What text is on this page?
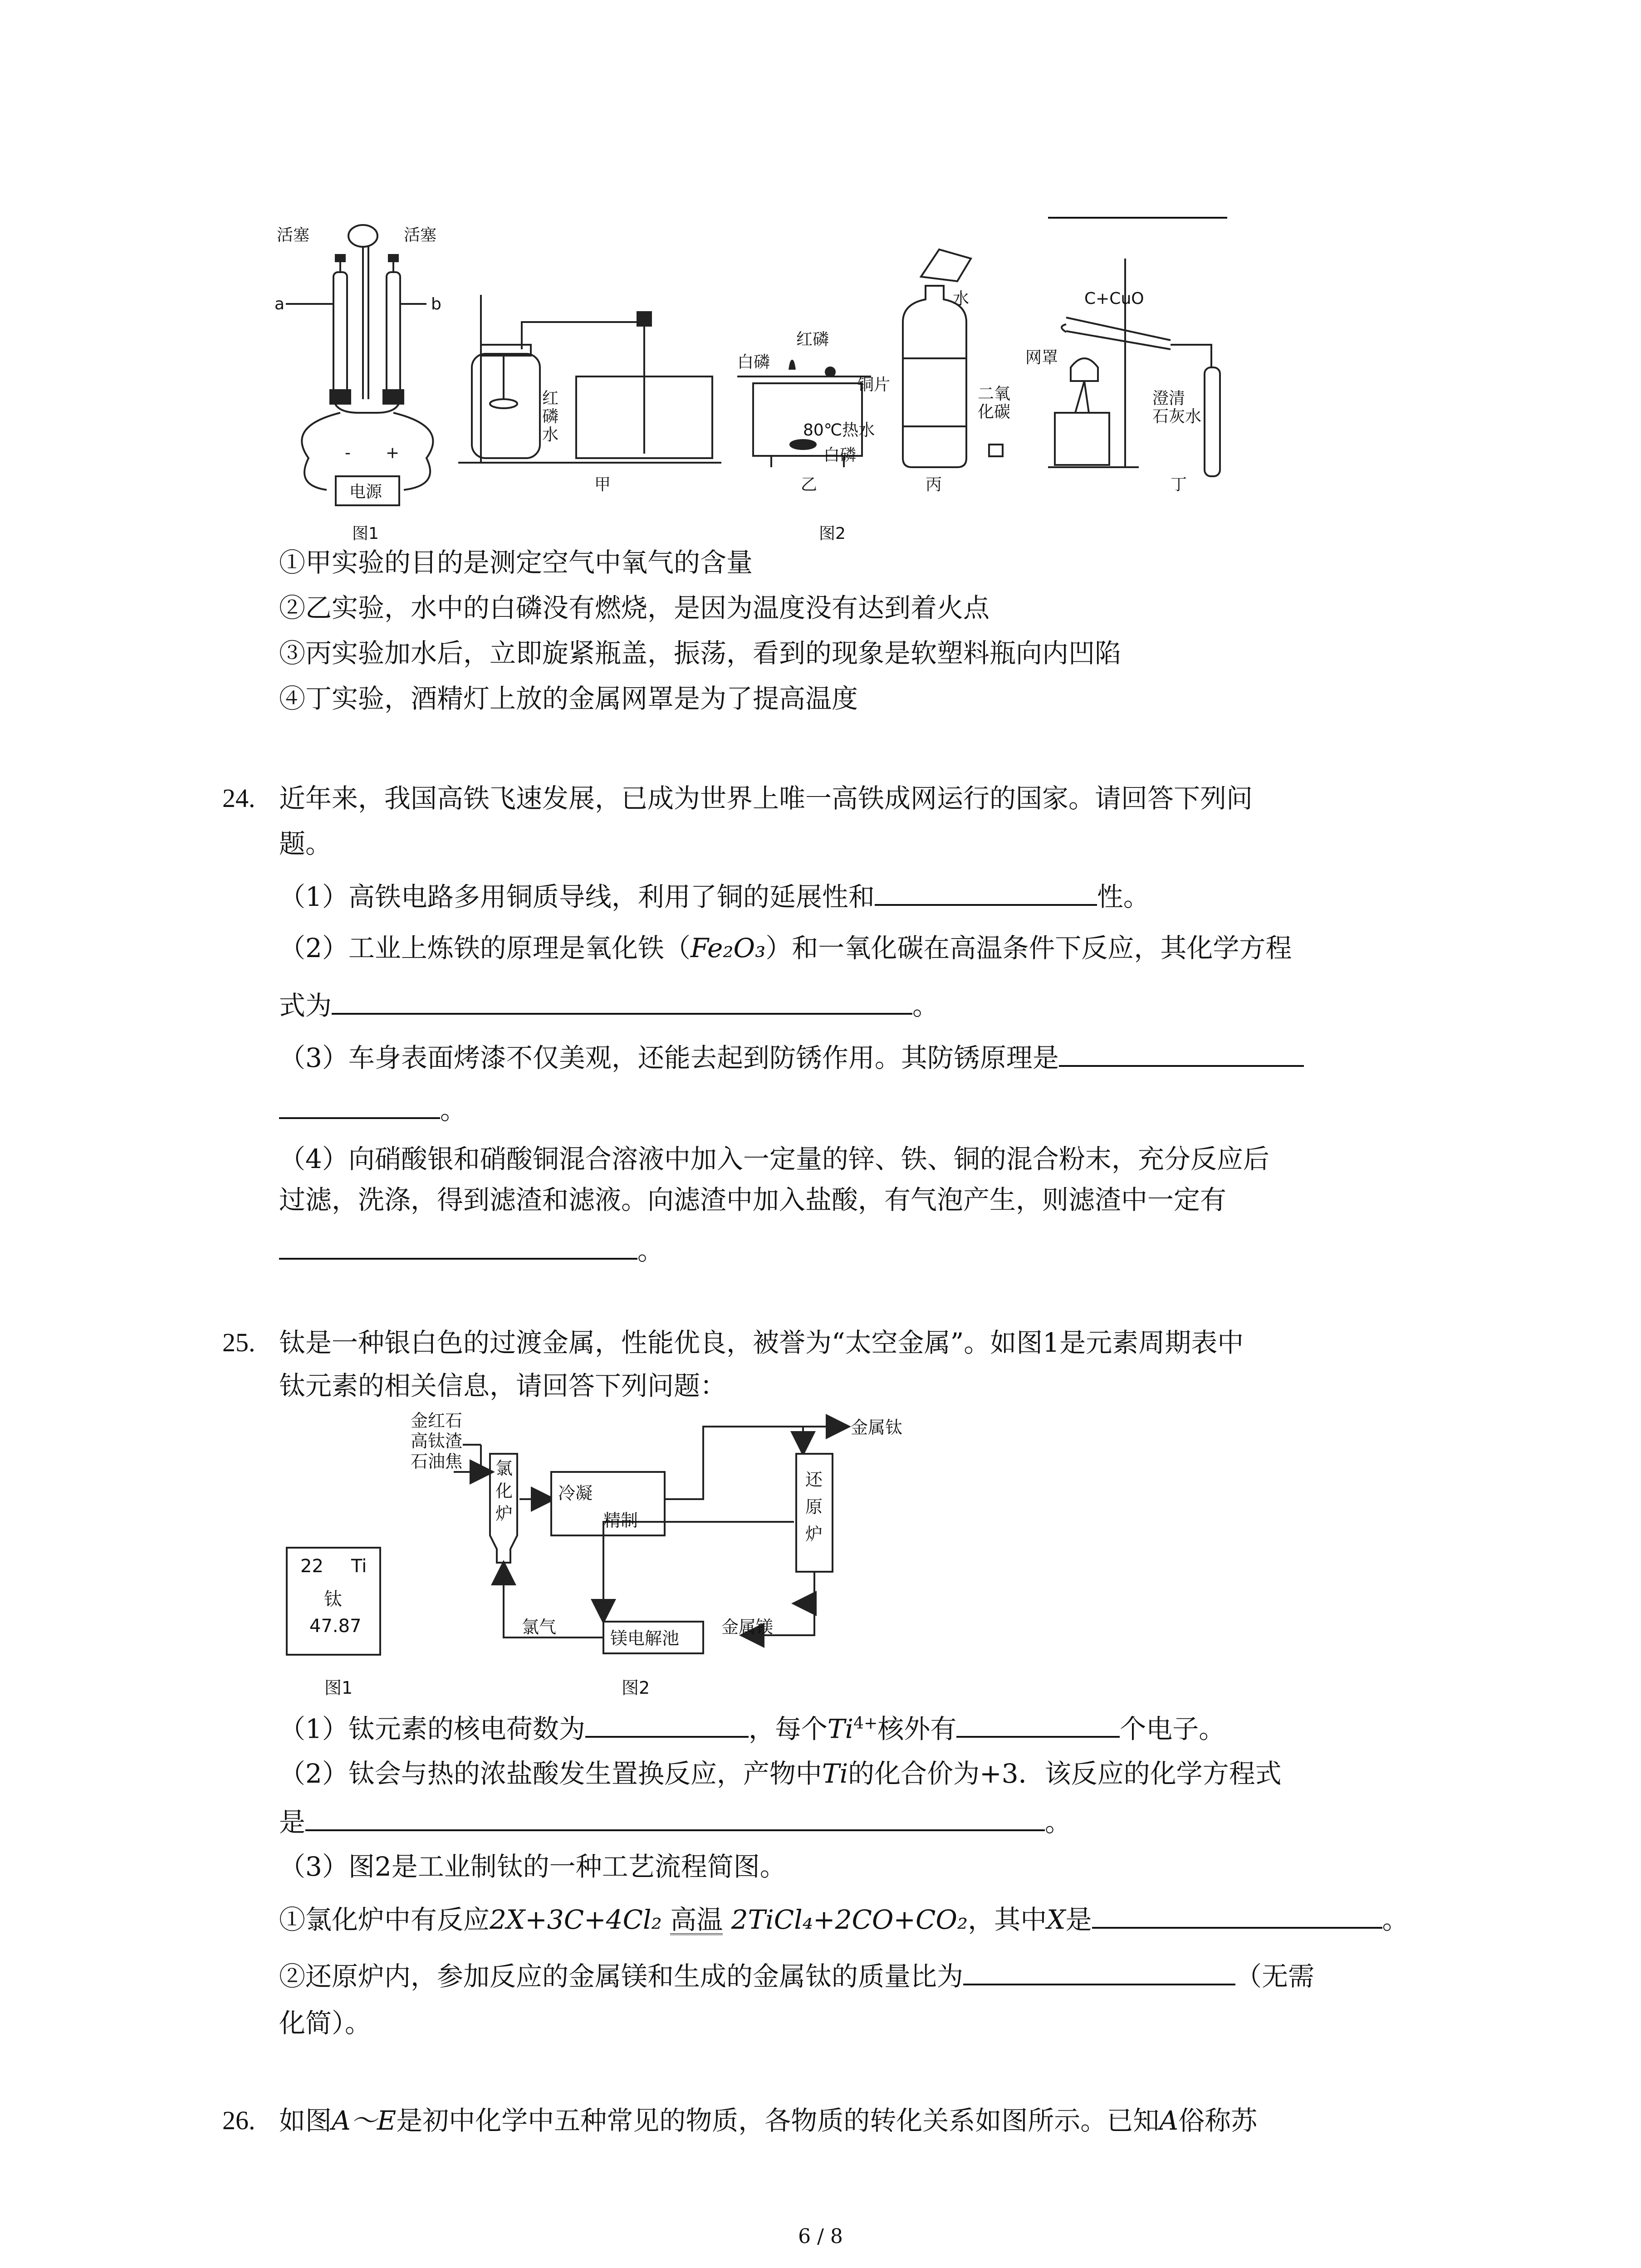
活塞	活塞
a	b
- +
电源
图1
红
磷
水
甲
白磷
红磷
铜片
80℃热水
白磷
乙
水
二氧
化碳
丙
C+CuO
网罩
澄清
石灰水
丁
图2
①甲实验的目的是测定空气中氧气的含量
②乙实验，水中的白磷没有燃烧，是因为温度没有达到着火点
③丙实验加水后，立即旋紧瓶盖，振荡，看到的现象是软塑料瓶向内凹陷
④丁实验，酒精灯上放的金属网罩是为了提高温度
24. 近年来，我国高铁飞速发展，已成为世界上唯一高铁成网运行的国家。请回答下列问
题。
（1）高铁电路多用铜质导线，利用了铜的延展性和	性。
（2）工业上炼铁的原理是氧化铁（Fe₂O₃）和一氧化碳在高温条件下反应，其化学方程
式为	。
（3）车身表面烤漆不仅美观，还能去起到防锈作用。其防锈原理是
。
（4）向硝酸银和硝酸铜混合溶液中加入一定量的锌、铁、铜的混合粉末，充分反应后
过滤，洗涤，得到滤渣和滤液。向滤渣中加入盐酸，有气泡产生，则滤渣中一定有
。
25. 钛是一种银白色的过渡金属，性能优良，被誉为“太空金属”。如图1是元素周期表中
钛元素的相关信息，请回答下列问题：
22 Ti
钛
47.87
图1
金红石
高钛渣
石油焦 氯
化
炉
冷凝
精制
还
原
炉
金属钛
镁电解池
氯气	金属镁
图2
（1）钛元素的核电荷数为	，每个$Ti^{4+}$核外有	个电子。
（2）钛会与热的浓盐酸发生置换反应，产物中Ti的化合价为+3．该反应的化学方程式
是	。
（3）图2是工业制钛的一种工艺流程简图。
①氯化炉中有反应2X+3C+4Cl₂ 高温 2TiCl₄+2CO+CO₂，其中X是	。
②还原炉内，参加反应的金属镁和生成的金属钛的质量比为	（无需
化简）。
26. 如图A～E是初中化学中五种常见的物质，各物质的转化关系如图所示。已知A俗称苏
6 / 8
